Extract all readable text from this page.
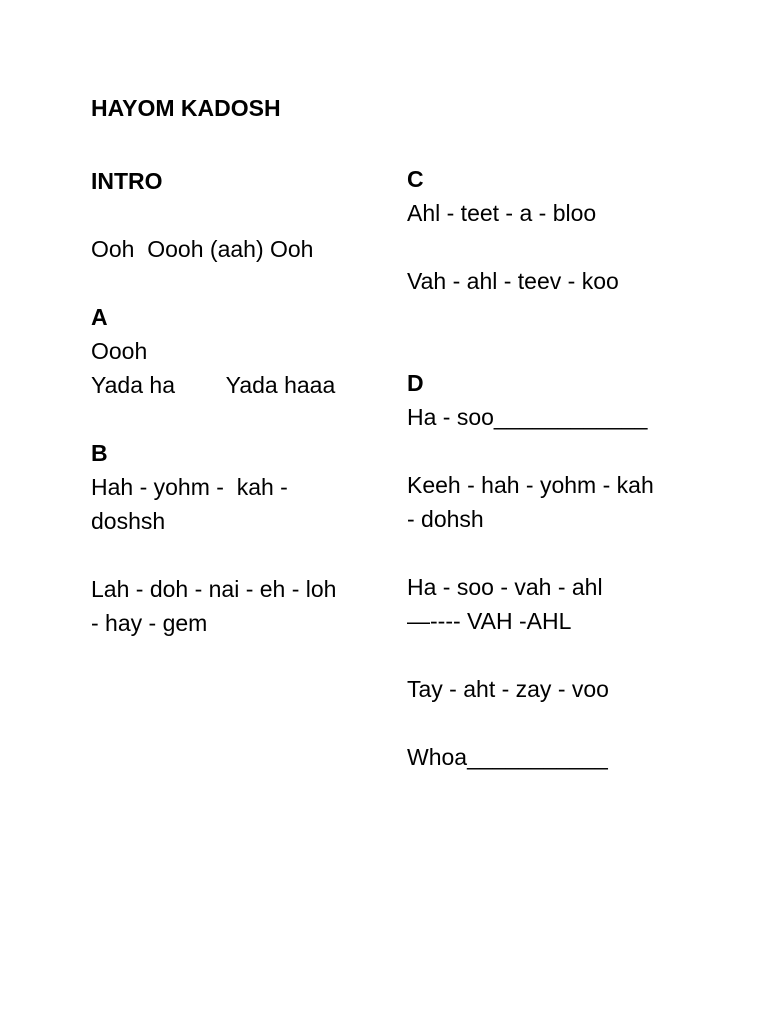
HAYOM KADOSH
INTRO
Ooh  Oooh (aah) Ooh
A
Oooh
Yada ha        Yada haaa
B
Hah - yohm -  kah -
doshsh
Lah - doh - nai - eh - loh
- hay - gem
C
Ahl - teet - a - bloo
Vah - ahl - teev - koo
D
Ha - soo____________
Keeh - hah - yohm - kah
- dohsh
Ha - soo - vah - ahl
—---- VAH -AHL
Tay - aht - zay - voo
Whoa___________
